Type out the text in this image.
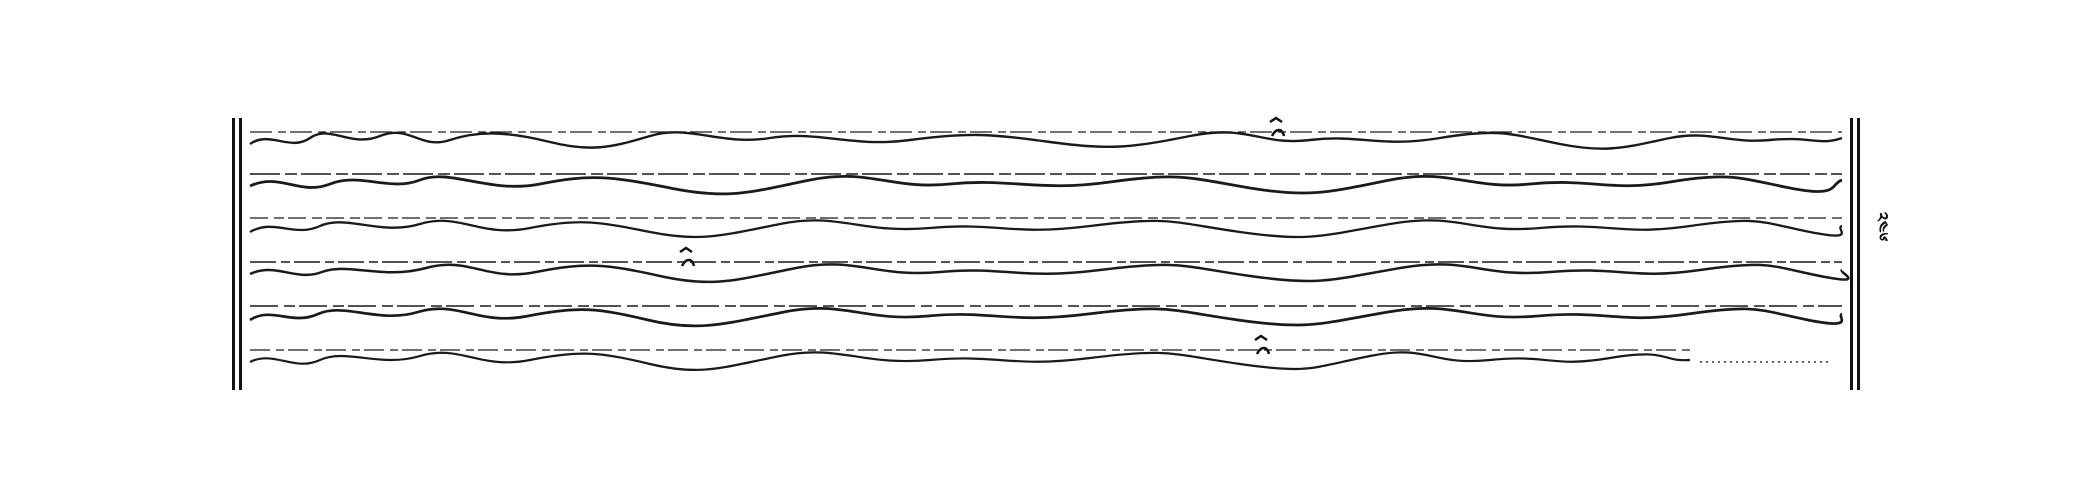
༢༤༦
